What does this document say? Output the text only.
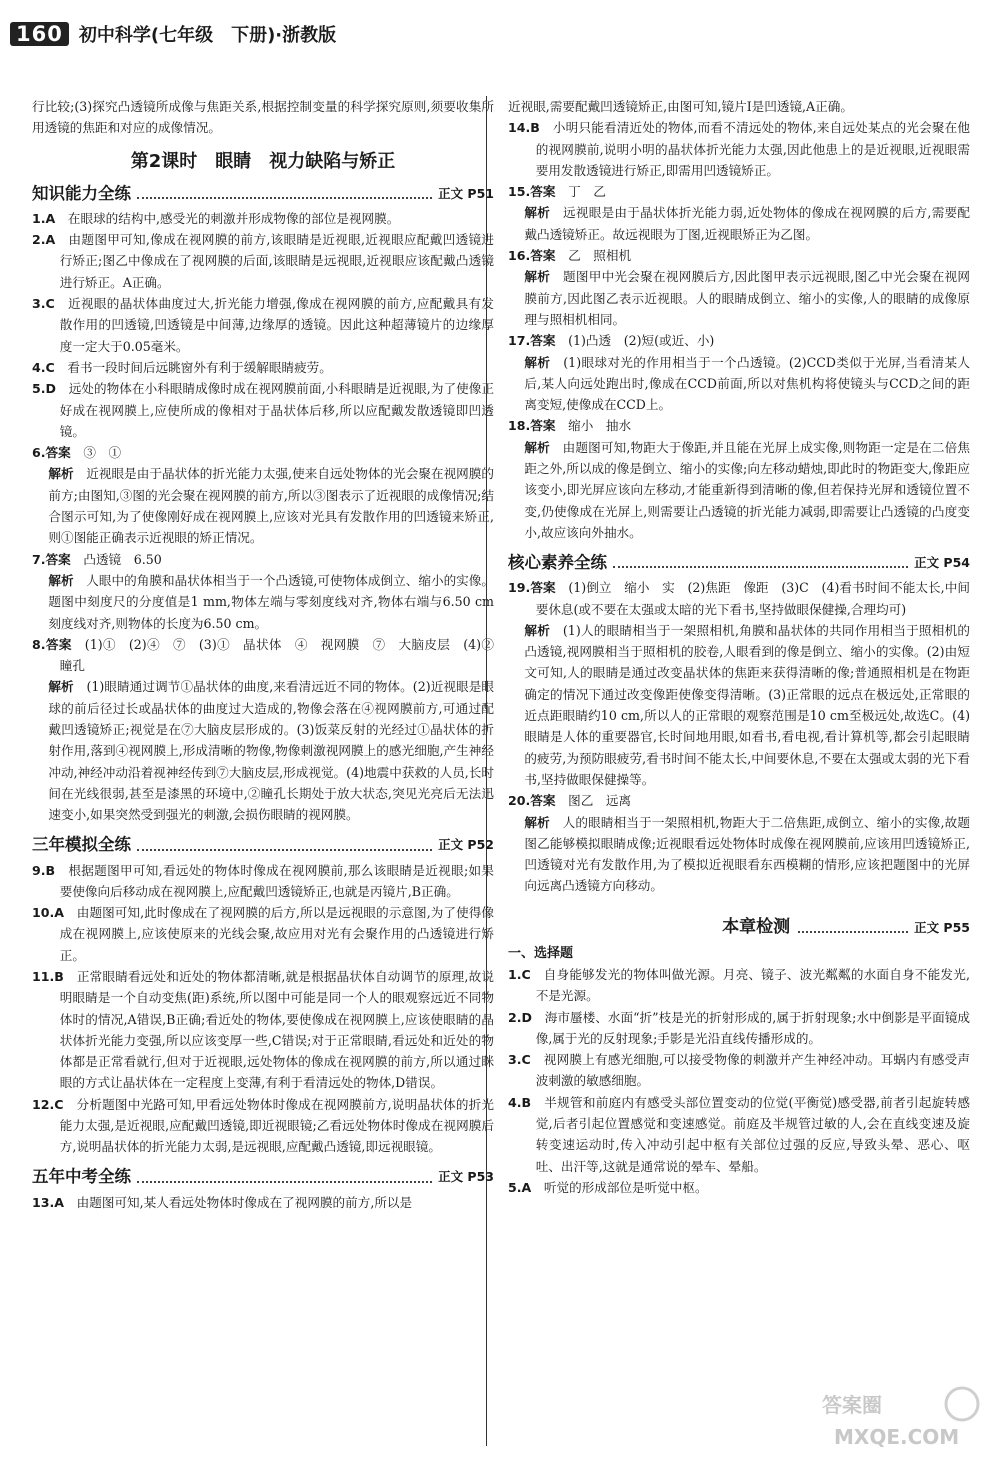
160 初中科学(七年级　下册)·浙教版

行比较;(3)探究凸透镜所成像与焦距关系,根据控制变量的科学探究原则,须要收集所用透镜的焦距和对应的成像情况。

第2课时　眼睛　视力缺陷与矫正
知识能力全练	正文 P51

1.A　 在眼球的结构中,感受光的刺激并形成物像的部位是视网膜。

2.A　 由题图甲可知,像成在视网膜的前方,该眼睛是近视眼,近视眼应配戴凹透镜进行矫正;图乙中像成在了视网膜的后面,该眼睛是远视眼,近视眼应该配戴凸透镜进行矫正。A正确。

3.C　 近视眼的晶状体曲度过大,折光能力增强,像成在视网膜的前方,应配戴具有发散作用的凹透镜,凹透镜是中间薄,边缘厚的透镜。因此这种超薄镜片的边缘厚度一定大于0.05毫米。

4.C　 看书一段时间后远眺窗外有利于缓解眼睛疲劳。

5.D　 远处的物体在小科眼睛成像时成在视网膜前面,小科眼睛是近视眼,为了使像正好成在视网膜上,应使所成的像相对于晶状体后移,所以应配戴发散透镜即凹透镜。

6.答案　 ③　①

解析　 近视眼是由于晶状体的折光能力太强,使来自远处物体的光会聚在视网膜的前方;由图知,③图的光会聚在视网膜的前方,所以③图表示了近视眼的成像情况;结合图示可知,为了使像刚好成在视网膜上,应该对光具有发散作用的凹透镜来矫正,则①图能正确表示近视眼的矫正情况。

7.答案　 凸透镜　6.50

解析　 人眼中的角膜和晶状体相当于一个凸透镜,可使物体成倒立、缩小的实像。题图中刻度尺的分度值是1 mm,物体左端与零刻度线对齐,物体右端与6.50 cm刻度线对齐,则物体的长度为6.50 cm。

8.答案　 (1)①　(2)④　⑦　(3)①　晶状体　④　视网膜　⑦　大脑皮层　(4)②　瞳孔

解析　 (1)眼睛通过调节①晶状体的曲度,来看清远近不同的物体。(2)近视眼是眼球的前后径过长或晶状体的曲度过大造成的,物像会落在④视网膜前方,可通过配戴凹透镜矫正;视觉是在⑦大脑皮层形成的。(3)饭菜反射的光经过①晶状体的折射作用,落到④视网膜上,形成清晰的物像,物像刺激视网膜上的感光细胞,产生神经冲动,神经冲动沿着视神经传到⑦大脑皮层,形成视觉。(4)地震中获救的人员,长时间在光线很弱,甚至是漆黑的环境中,②瞳孔长期处于放大状态,突见光亮后无法迅速变小,如果突然受到强光的刺激,会损伤眼睛的视网膜。

三年模拟全练	正文 P52

9.B　 根据题图甲可知,看远处的物体时像成在视网膜前,那么该眼睛是近视眼;如果要使像向后移动成在视网膜上,应配戴凹透镜矫正,也就是丙镜片,B正确。

10.A　 由题图可知,此时像成在了视网膜的后方,所以是远视眼的示意图,为了使得像成在视网膜上,应该使原来的光线会聚,故应用对光有会聚作用的凸透镜进行矫正。

11.B　 正常眼睛看远处和近处的物体都清晰,就是根据晶状体自动调节的原理,故说明眼睛是一个自动变焦(距)系统,所以图中可能是同一个人的眼观察远近不同物体时的情况,A错误,B正确;看近处的物体,要使像成在视网膜上,应该使眼睛的晶状体折光能力变强,所以应该变厚一些,C错误;对于正常眼睛,看远处和近处的物体都是正常看就行,但对于近视眼,远处物体的像成在视网膜的前方,所以通过眯眼的方式让晶状体在一定程度上变薄,有利于看清远处的物体,D错误。

12.C　 分析题图中光路可知,甲看远处物体时像成在视网膜前方,说明晶状体的折光能力太强,是近视眼,应配戴凹透镜,即近视眼镜;乙看远处物体时像成在视网膜后方,说明晶状体的折光能力太弱,是远视眼,应配戴凸透镜,即远视眼镜。

五年中考全练	正文 P53

13.A　 由题图可知,某人看远处物体时像成在了视网膜的前方,所以是

近视眼,需要配戴凹透镜矫正,由图可知,镜片Ⅰ是凹透镜,A正确。

14.B　 小明只能看清近处的物体,而看不清远处的物体,来自远处某点的光会聚在他的视网膜前,说明小明的晶状体折光能力太强,因此他患上的是近视眼,近视眼需要用发散透镜进行矫正,即需用凹透镜矫正。

15.答案　 丁　乙

解析　 远视眼是由于晶状体折光能力弱,近处物体的像成在视网膜的后方,需要配戴凸透镜矫正。故远视眼为丁图,近视眼矫正为乙图。

16.答案　 乙　照相机

解析　 题图甲中光会聚在视网膜后方,因此图甲表示远视眼,图乙中光会聚在视网膜前方,因此图乙表示近视眼。人的眼睛成倒立、缩小的实像,人的眼睛的成像原理与照相机相同。

17.答案　 (1)凸透　(2)短(或近、小)

解析　 (1)眼球对光的作用相当于一个凸透镜。(2)CCD类似于光屏,当看清某人后,某人向远处跑出时,像成在CCD前面,所以对焦机构将使镜头与CCD之间的距离变短,使像成在CCD上。

18.答案　 缩小　抽水

解析　 由题图可知,物距大于像距,并且能在光屏上成实像,则物距一定是在二倍焦距之外,所以成的像是倒立、缩小的实像;向左移动蜡烛,即此时的物距变大,像距应该变小,即光屏应该向左移动,才能重新得到清晰的像,但若保持光屏和透镜位置不变,仍使像成在光屏上,则需要让凸透镜的折光能力减弱,即需要让凸透镜的凸度变小,故应该向外抽水。

核心素养全练	正文 P54

19.答案　 (1)倒立　缩小　实　(2)焦距　像距　(3)C　(4)看书时间不能太长,中间要休息(或不要在太强或太暗的光下看书,坚持做眼保健操,合理均可)

解析　 (1)人的眼睛相当于一架照相机,角膜和晶状体的共同作用相当于照相机的凸透镜,视网膜相当于照相机的胶卷,人眼看到的像是倒立、缩小的实像。(2)由短文可知,人的眼睛是通过改变晶状体的焦距来获得清晰的像;普通照相机是在物距确定的情况下通过改变像距使像变得清晰。(3)正常眼的远点在极远处,正常眼的近点距眼睛约10 cm,所以人的正常眼的观察范围是10 cm至极远处,故选C。(4)眼睛是人体的重要器官,长时间地用眼,如看书,看电视,看计算机等,都会引起眼睛的疲劳,为预防眼疲劳,看书时间不能太长,中间要休息,不要在太强或太弱的光下看书,坚持做眼保健操等。

20.答案　 图乙　远离

解析　 人的眼睛相当于一架照相机,物距大于二倍焦距,成倒立、缩小的实像,故题图乙能够模拟眼睛成像;近视眼看远处物体时成像在视网膜前,应该用凹透镜矫正,凹透镜对光有发散作用,为了模拟近视眼看东西模糊的情形,应该把题图中的光屏向远离凸透镜方向移动。

本章检测	正文 P55
一、选择题

1.C　 自身能够发光的物体叫做光源。月亮、镜子、波光粼粼的水面自身不能发光,不是光源。

2.D　 海市蜃楼、水面“折”枝是光的折射形成的,属于折射现象;水中倒影是平面镜成像,属于光的反射现象;手影是光沿直线传播形成的。

3.C　 视网膜上有感光细胞,可以接受物像的刺激并产生神经冲动。耳蜗内有感受声波刺激的敏感细胞。

4.B　 半规管和前庭内有感受头部位置变动的位觉(平衡觉)感受器,前者引起旋转感觉,后者引起位置感觉和变速感觉。前庭及半规管过敏的人,会在直线变速及旋转变速运动时,传入冲动引起中枢有关部位过强的反应,导致头晕、恶心、呕吐、出汗等,这就是通常说的晕车、晕船。

5.A　 听觉的形成部位是听觉中枢。

答案圈
MXQE.COM
